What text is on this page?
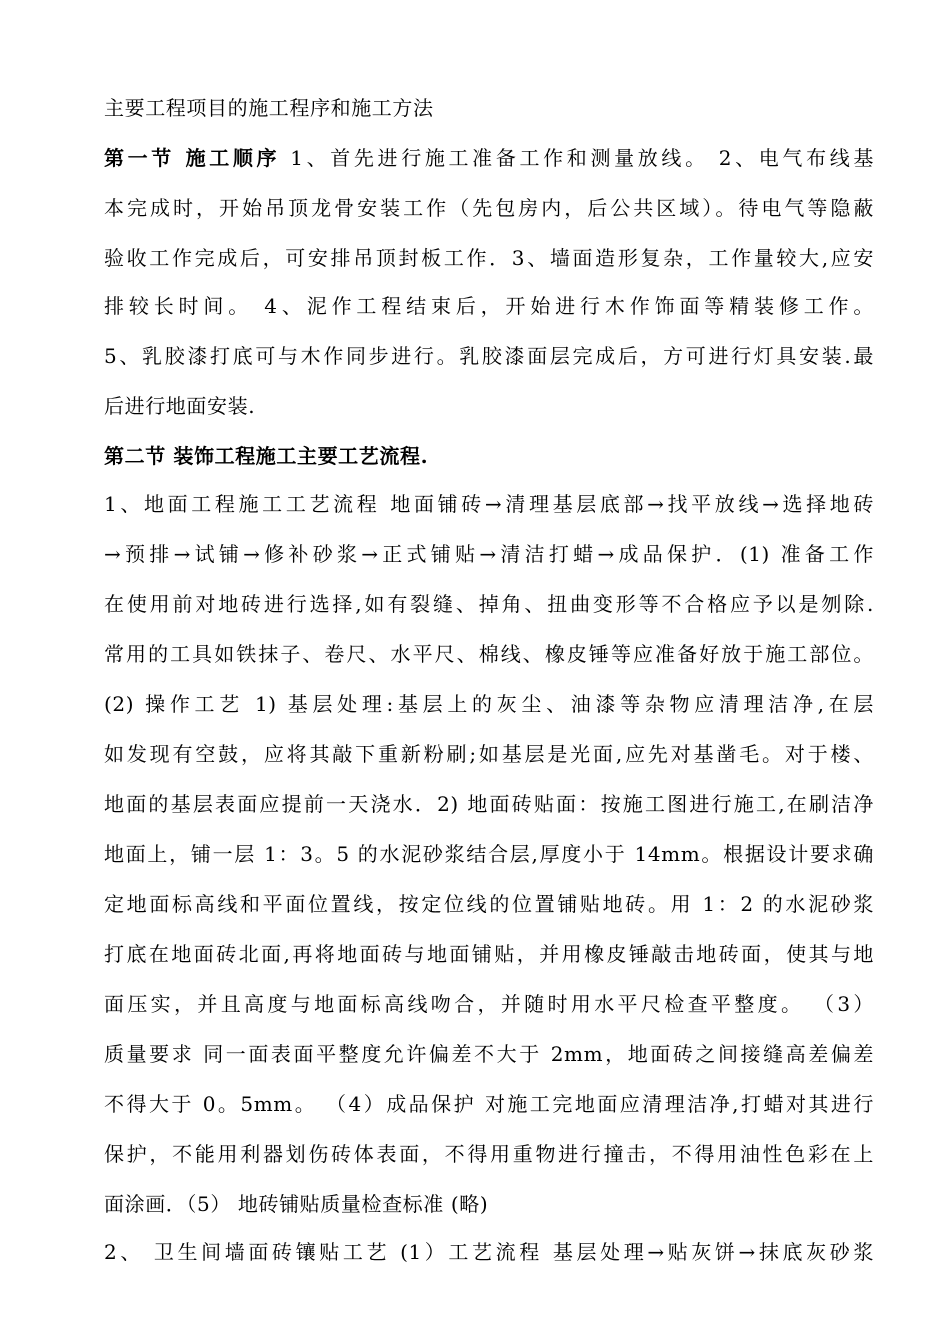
主要工程项目的施工程序和施工方法
第一节 施工顺序 1、首先进行施工准备工作和测量放线。 2、电气布线基
本完成时，开始吊顶龙骨安装工作（先包房内，后公共区域）。待电气等隐蔽
验收工作完成后，可安排吊顶封板工作．3、墙面造形复杂，工作量较大,应安
排较长时间。 4、泥作工程结束后，开始进行木作饰面等精装修工作。
5、乳胶漆打底可与木作同步进行。乳胶漆面层完成后，方可进行灯具安装.最
后进行地面安装.
第二节 装饰工程施工主要工艺流程.
1、地面工程施工工艺流程 地面铺砖→清理基层底部→找平放线→选择地砖
→预排→试铺→修补砂浆→正式铺贴→清洁打蜡→成品保护．(1) 准备工作
在使用前对地砖进行选择,如有裂缝、掉角、扭曲变形等不合格应予以是刎除.
常用的工具如铁抹子、卷尺、水平尺、棉线、橡皮锤等应准备好放于施工部位。
(2) 操作工艺 1) 基层处理:基层上的灰尘、油漆等杂物应清理洁净,在层
如发现有空鼓，应将其敲下重新粉刷;如基层是光面,应先对基凿毛。对于楼、
地面的基层表面应提前一天浇水．2) 地面砖贴面：按施工图进行施工,在刷洁净
地面上，铺一层 1：3。5 的水泥砂浆结合层,厚度小于 14mm。根据设计要求确
定地面标高线和平面位置线，按定位线的位置铺贴地砖。用 1：2 的水泥砂浆
打底在地面砖北面,再将地面砖与地面铺贴，并用橡皮锤敲击地砖面，使其与地
面压实，并且高度与地面标高线吻合，并随时用水平尺检查平整度。 （3）
质量要求 同一面表面平整度允许偏差不大于 2mm，地面砖之间接缝高差偏差
不得大于 0。5mm。 （4）成品保护 对施工完地面应清理洁净,打蜡对其进行
保护，不能用利器划伤砖体表面，不得用重物进行撞击，不得用油性色彩在上
面涂画．（5） 地砖铺贴质量检查标准 (略)
2、 卫生间墙面砖镶贴工艺 (1）工艺流程 基层处理→贴灰饼→抹底灰砂浆
